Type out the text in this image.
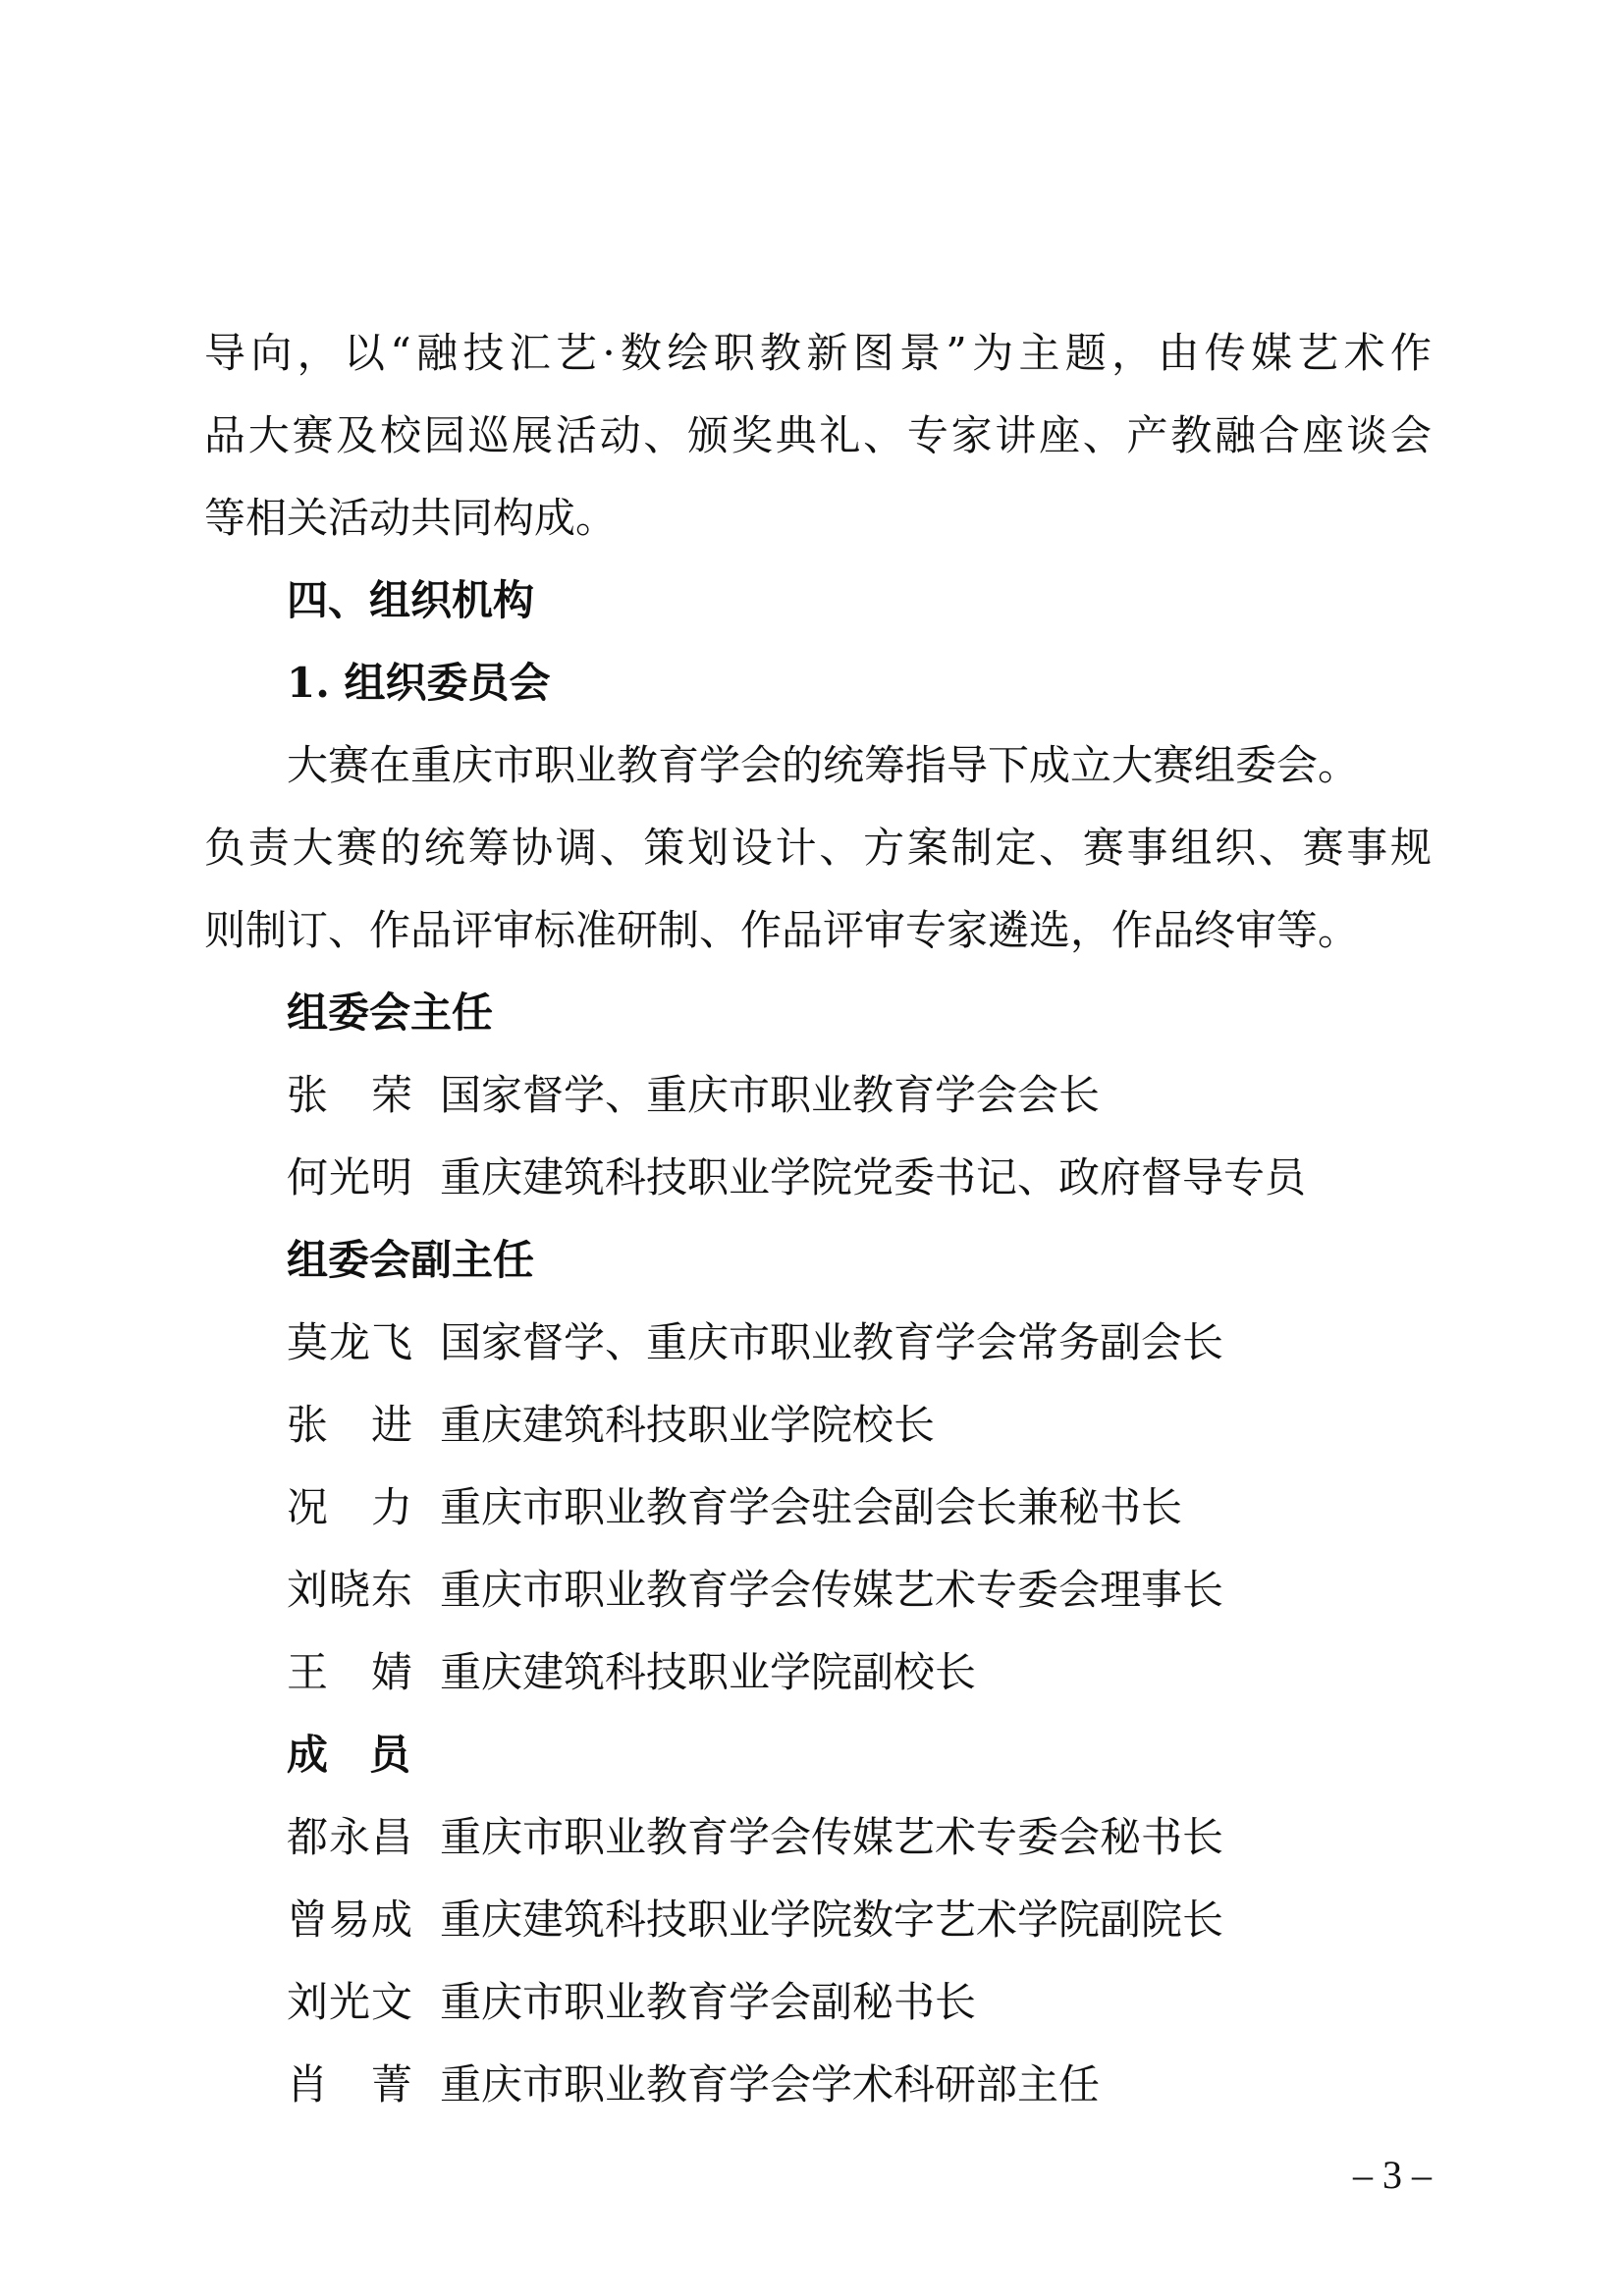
导向，以“融技汇艺·数绘职教新图景”为主题，由传媒艺术作
品大赛及校园巡展活动、颁奖典礼、专家讲座、产教融合座谈会
等相关活动共同构成。
四、组织机构
1. 组织委员会
大赛在重庆市职业教育学会的统筹指导下成立大赛组委会。
负责大赛的统筹协调、策划设计、方案制定、赛事组织、赛事规
则制订、作品评审标准研制、作品评审专家遴选，作品终审等。
组委会主任
张　荣 国家督学、重庆市职业教育学会会长
何光明 重庆建筑科技职业学院党委书记、政府督导专员
组委会副主任
莫龙飞 国家督学、重庆市职业教育学会常务副会长
张　进 重庆建筑科技职业学院校长
况　力 重庆市职业教育学会驻会副会长兼秘书长
刘晓东 重庆市职业教育学会传媒艺术专委会理事长
王　婧 重庆建筑科技职业学院副校长
成　员
都永昌 重庆市职业教育学会传媒艺术专委会秘书长
曾易成 重庆建筑科技职业学院数字艺术学院副院长
刘光文 重庆市职业教育学会副秘书长
肖　菁 重庆市职业教育学会学术科研部主任
– 3 –
